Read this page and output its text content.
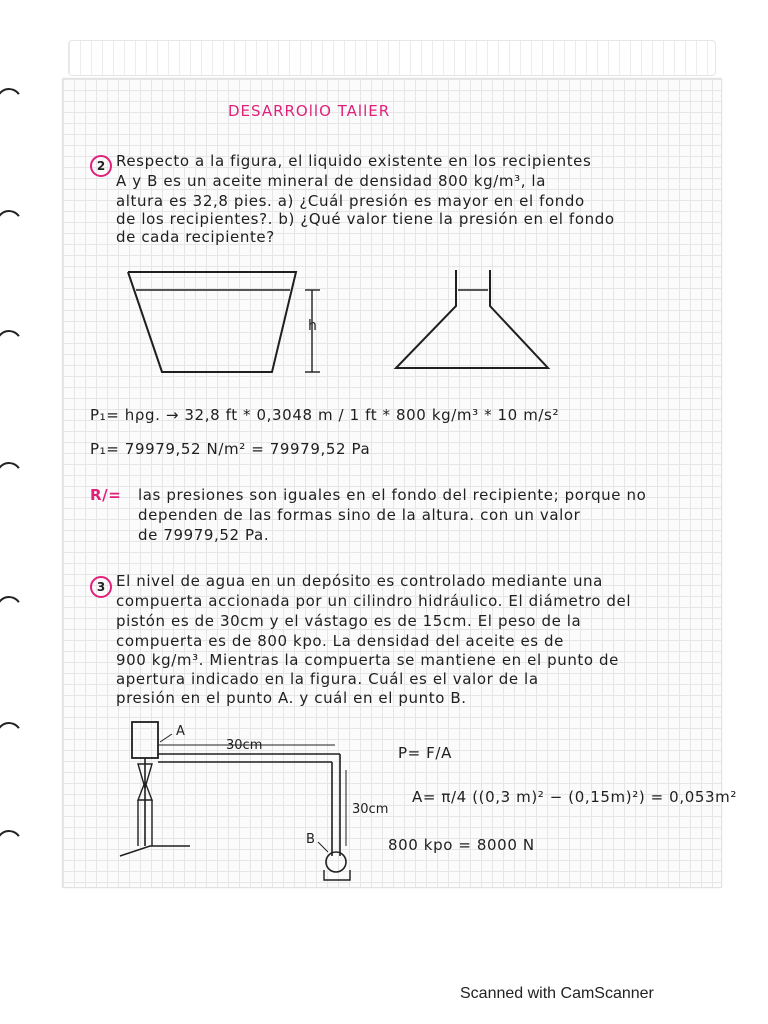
DESARROllO TAllER
2 Respecto a la figura, el liquido existente en los recipientes
A y B es un aceite mineral de densidad 800 kg/m³, la
altura es 32,8 pies. a) ¿Cuál presión es mayor en el fondo
de los recipientes?. b) ¿Qué valor tiene la presión en el fondo
de cada recipiente?
h
P₁= hρg. → 32,8 ft * 0,3048 m / 1 ft * 800 kg/m³ * 10 m/s²
P₁= 79979,52 N/m² = 79979,52 Pa
R/= las presiones son iguales en el fondo del recipiente; porque no
dependen de las formas sino de la altura. con un valor
de 79979,52 Pa.
3 El nivel de agua en un depósito es controlado mediante una
compuerta accionada por un cilindro hidráulico. El diámetro del
pistón es de 30cm y el vástago es de 15cm. El peso de la
compuerta es de 800 kpo. La densidad del aceite es de
900 kg/m³. Mientras la compuerta se mantiene en el punto de
apertura indicado en la figura. Cuál es el valor de la
presión en el punto A. y cuál en el punto B.
A
B
30cm
30cm
P= F/A
A= π/4 ((0,3 m)² − (0,15m)²) = 0,053m²
800 kpo = 8000 N
Scanned with CamScanner
